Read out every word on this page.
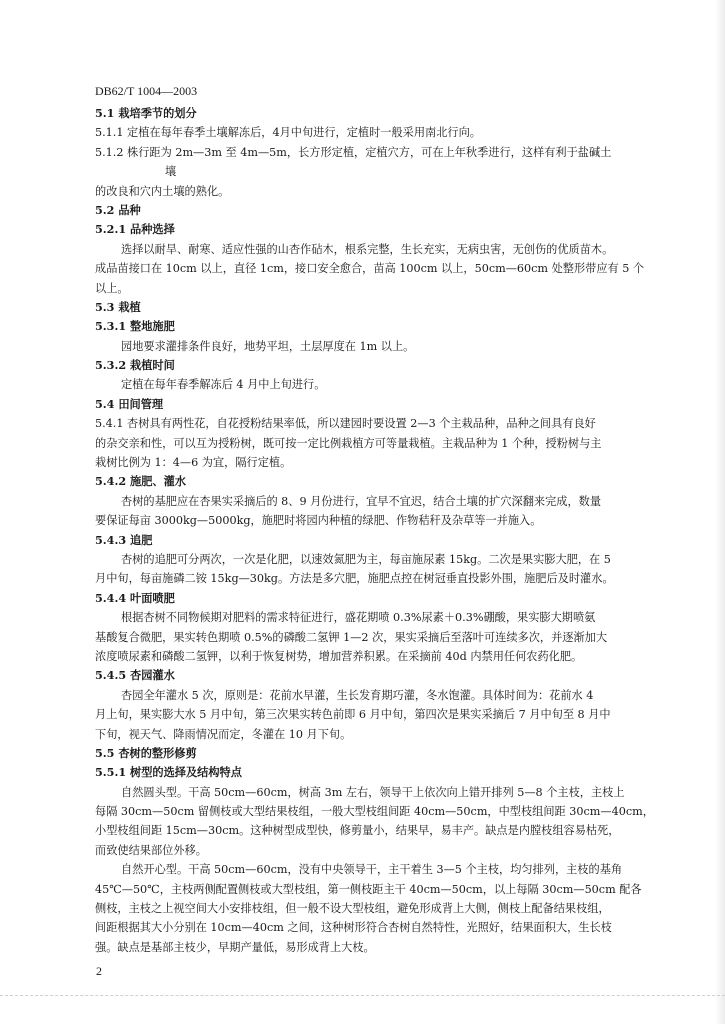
DB62/T 1004—2003
5.1 栽培季节的划分
5.1.1 定植在每年春季土壤解冻后，4月中旬进行，定植时一般采用南北行向。
5.1.2 株行距为 2m—3m 至 4m—5m，长方形定植，定植穴方，可在上年秋季进行，这样有利于盐碱土
壤
的改良和穴内土壤的熟化。
5.2 品种
5.2.1 品种选择
选择以耐旱、耐寒、适应性强的山杏作砧木，根系完整，生长充实，无病虫害，无创伤的优质苗木。
成品苗接口在 10cm 以上，直径 1cm，接口安全愈合，苗高 100cm 以上，50cm—60cm 处整形带应有 5 个
以上。
5.3 栽植
5.3.1 整地施肥
园地要求灌排条件良好，地势平坦，土层厚度在 1m 以上。
5.3.2 栽植时间
定植在每年春季解冻后 4 月中上旬进行。
5.4 田间管理
5.4.1 杏树具有两性花，自花授粉结果率低，所以建园时要设置 2—3 个主栽品种，品种之间具有良好
的杂交亲和性，可以互为授粉树，既可按一定比例栽植方可等量栽植。主栽品种为 1 个种，授粉树与主
栽树比例为 1：4—6 为宜，隔行定植。
5.4.2 施肥、灌水
杏树的基肥应在杏果实采摘后的 8、9 月份进行，宜早不宜迟，结合土壤的扩穴深翻来完成，数量
要保证每亩 3000kg—5000kg，施肥时将园内种植的绿肥、作物秸秆及杂草等一并施入。
5.4.3 追肥
杏树的追肥可分两次，一次是化肥，以速效氮肥为主，每亩施尿素 15kg。二次是果实膨大肥，在 5
月中旬，每亩施磷二铵 15kg—30kg。方法是多穴肥，施肥点控在树冠垂直投影外围，施肥后及时灌水。
5.4.4 叶面喷肥
根据杏树不同物候期对肥料的需求特征进行，盛花期喷 0.3%尿素＋0.3%硼酸，果实膨大期喷氨
基酸复合微肥，果实转色期喷 0.5%的磷酸二氢钾 1—2 次，果实采摘后至落叶可连续多次，并逐渐加大
浓度喷尿素和磷酸二氢钾，以利于恢复树势，增加营养积累。在采摘前 40d 内禁用任何农药化肥。
5.4.5 杏园灌水
杏园全年灌水 5 次，原则是：花前水早灌，生长发育期巧灌，冬水饱灌。具体时间为：花前水 4
月上旬，果实膨大水 5 月中旬，第三次果实转色前即 6 月中旬，第四次是果实采摘后 7 月中旬至 8 月中
下旬，视天气、降雨情况而定，冬灌在 10 月下旬。
5.5 杏树的整形修剪
5.5.1 树型的选择及结构特点
自然圆头型。干高 50cm—60cm，树高 3m 左右，领导干上依次向上错开排列 5—8 个主枝，主枝上
每隔 30cm—50cm 留侧枝或大型结果枝组，一般大型枝组间距 40cm—50cm，中型枝组间距 30cm—40cm，
小型枝组间距 15cm—30cm。这种树型成型快，修剪量小，结果早，易丰产。缺点是内膛枝组容易枯死，
而致使结果部位外移。
自然开心型。干高 50cm—60cm，没有中央领导干，主干着生 3—5 个主枝，均匀排列，主枝的基角
45℃—50℃，主枝两侧配置侧枝或大型枝组，第一侧枝距主干 40cm—50cm，以上每隔 30cm—50cm 配各
侧枝，主枝之上视空间大小安排枝组，但一般不设大型枝组，避免形成背上大侧，侧枝上配备结果枝组，
间距根据其大小分别在 10cm—40cm 之间，这种树形符合杏树自然特性，光照好，结果面积大，生长枝
强。缺点是基部主枝少，早期产量低，易形成背上大枝。
2
